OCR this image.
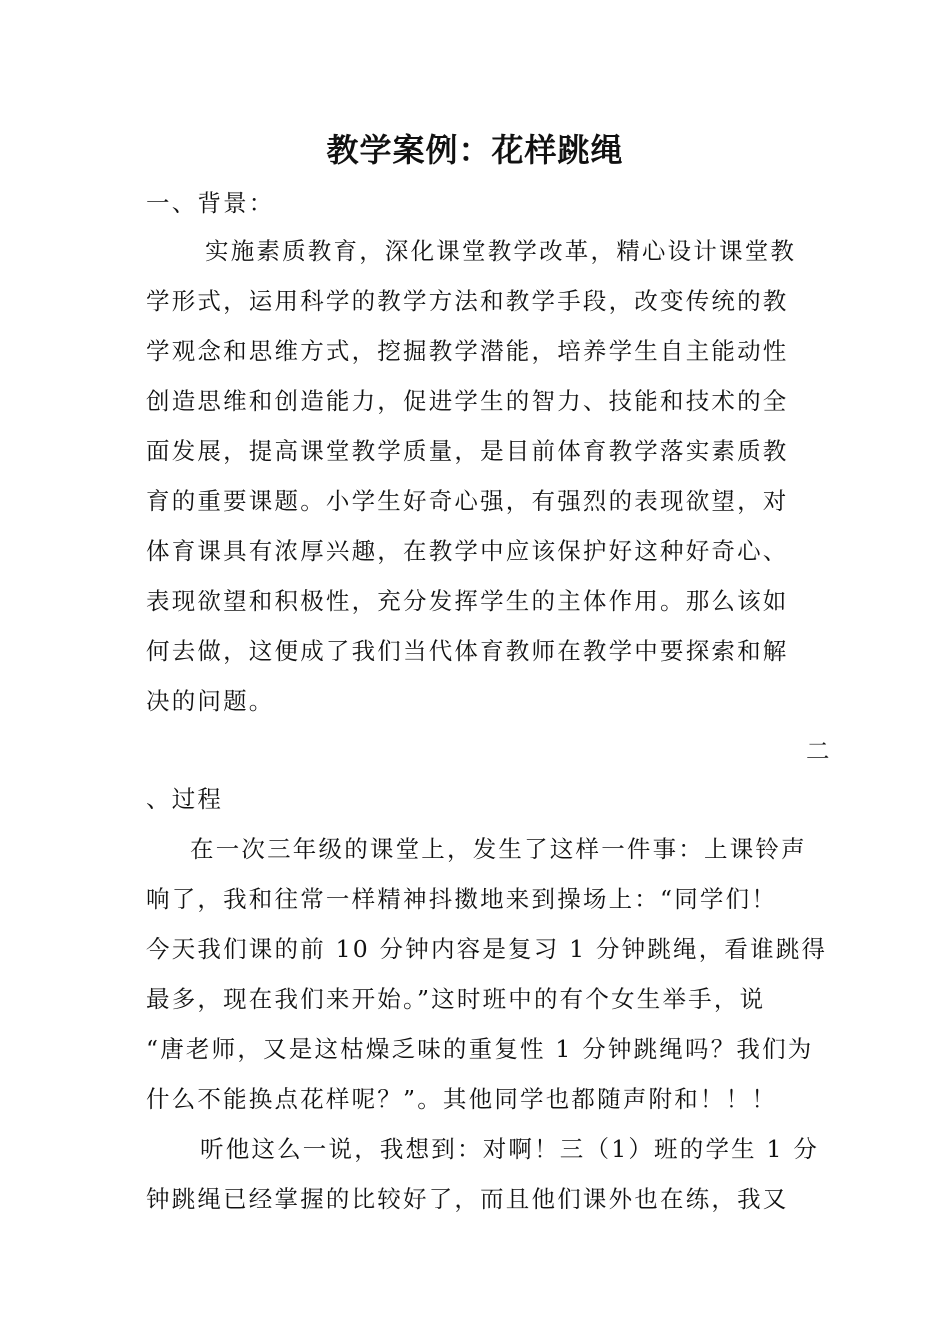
教学案例：花样跳绳
一、背景：
实施素质教育，深化课堂教学改革，精心设计课堂教
学形式，运用科学的教学方法和教学手段，改变传统的教
学观念和思维方式，挖掘教学潜能，培养学生自主能动性
创造思维和创造能力，促进学生的智力、技能和技术的全
面发展，提高课堂教学质量，是目前体育教学落实素质教
育的重要课题。小学生好奇心强，有强烈的表现欲望，对
体育课具有浓厚兴趣，在教学中应该保护好这种好奇心、
表现欲望和积极性，充分发挥学生的主体作用。那么该如
何去做，这便成了我们当代体育教师在教学中要探索和解
决的问题。
二
、过程
在一次三年级的课堂上，发生了这样一件事：上课铃声
响了，我和往常一样精神抖擞地来到操场上：“同学们！
今天我们课的前 10 分钟内容是复习 1 分钟跳绳，看谁跳得
最多，现在我们来开始。”这时班中的有个女生举手，说
“唐老师，又是这枯燥乏味的重复性 1 分钟跳绳吗？我们为
什么不能换点花样呢？”。其他同学也都随声附和！！！
听他这么一说，我想到：对啊！三（1）班的学生 1 分
钟跳绳已经掌握的比较好了，而且他们课外也在练，我又
